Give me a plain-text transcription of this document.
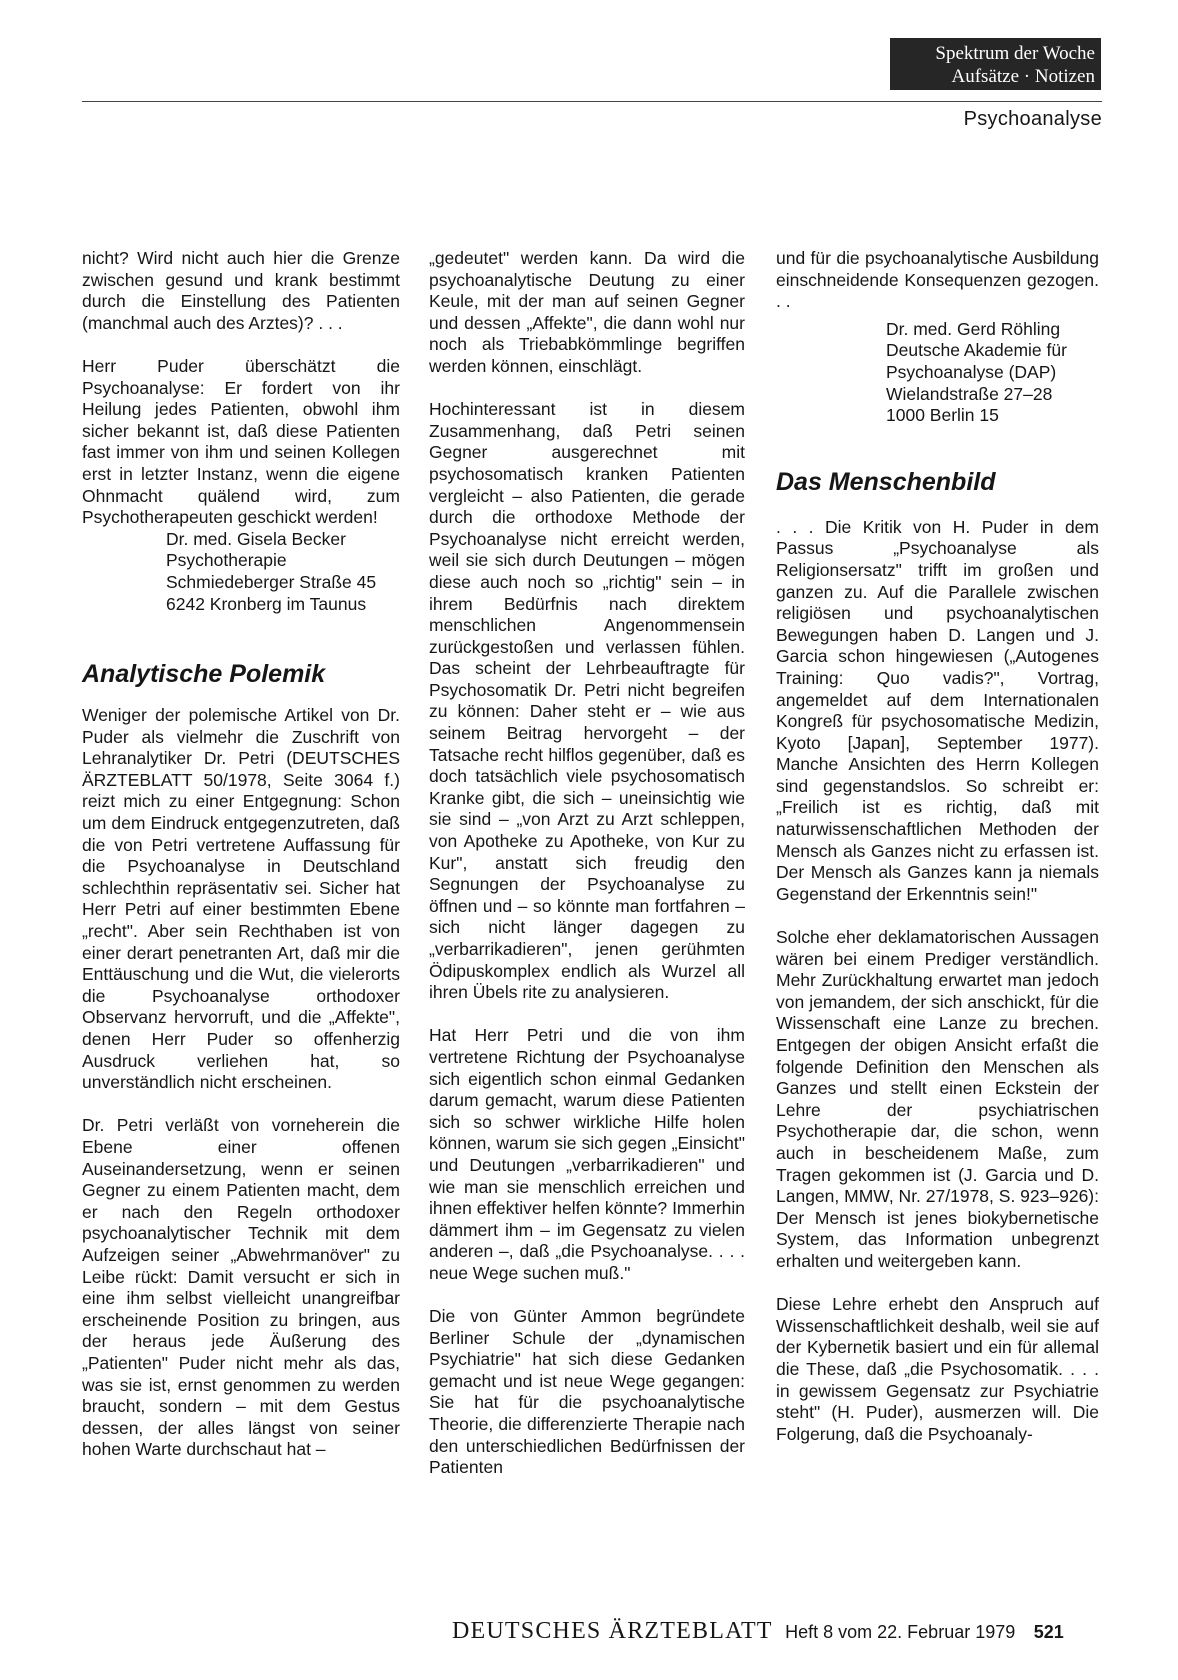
Spektrum der Woche
Aufsätze · Notizen
Psychoanalyse

nicht? Wird nicht auch hier die Grenze zwischen gesund und krank bestimmt durch die Einstellung des Patienten (manchmal auch des Arztes)? . . .

Herr Puder überschätzt die Psychoanalyse: Er fordert von ihr Heilung jedes Patienten, obwohl ihm sicher bekannt ist, daß diese Patienten fast immer von ihm und seinen Kollegen erst in letzter Instanz, wenn die eigene Ohnmacht quälend wird, zum Psychotherapeuten geschickt werden!

Dr. med. Gisela Becker
Psychotherapie
Schmiedeberger Straße 45
6242 Kronberg im Taunus
Analytische Polemik

Weniger der polemische Artikel von Dr. Puder als vielmehr die Zuschrift von Lehranalytiker Dr. Petri (DEUTSCHES ÄRZTEBLATT 50/1978, Seite 3064 f.) reizt mich zu einer Entgegnung: Schon um dem Eindruck entgegenzutreten, daß die von Petri vertretene Auffassung für die Psychoanalyse in Deutschland schlechthin repräsentativ sei. Sicher hat Herr Petri auf einer bestimmten Ebene „recht". Aber sein Rechthaben ist von einer derart penetranten Art, daß mir die Enttäuschung und die Wut, die vielerorts die Psychoanalyse orthodoxer Observanz hervorruft, und die „Affekte", denen Herr Puder so offenherzig Ausdruck verliehen hat, so unverständlich nicht erscheinen.

Dr. Petri verläßt von vorneherein die Ebene einer offenen Auseinandersetzung, wenn er seinen Gegner zu einem Patienten macht, dem er nach den Regeln orthodoxer psychoanalytischer Technik mit dem Aufzeigen seiner „Abwehrmanöver" zu Leibe rückt: Damit versucht er sich in eine ihm selbst vielleicht unangreifbar erscheinende Position zu bringen, aus der heraus jede Äußerung des „Patienten" Puder nicht mehr als das, was sie ist, ernst genommen zu werden braucht, sondern – mit dem Gestus dessen, der alles längst von seiner hohen Warte durchschaut hat –

„gedeutet" werden kann. Da wird die psychoanalytische Deutung zu einer Keule, mit der man auf seinen Gegner und dessen „Affekte", die dann wohl nur noch als Triebabkömmlinge begriffen werden können, einschlägt.

Hochinteressant ist in diesem Zusammenhang, daß Petri seinen Gegner ausgerechnet mit psychosomatisch kranken Patienten vergleicht – also Patienten, die gerade durch die orthodoxe Methode der Psychoanalyse nicht erreicht werden, weil sie sich durch Deutungen – mögen diese auch noch so „richtig" sein – in ihrem Bedürfnis nach direktem menschlichen Angenommensein zurückgestoßen und verlassen fühlen. Das scheint der Lehrbeauftragte für Psychosomatik Dr. Petri nicht begreifen zu können: Daher steht er – wie aus seinem Beitrag hervorgeht – der Tatsache recht hilflos gegenüber, daß es doch tatsächlich viele psychosomatisch Kranke gibt, die sich – uneinsichtig wie sie sind – „von Arzt zu Arzt schleppen, von Apotheke zu Apotheke, von Kur zu Kur", anstatt sich freudig den Segnungen der Psychoanalyse zu öffnen und – so könnte man fortfahren – sich nicht länger dagegen zu „verbarrikadieren", jenen gerühmten Ödipuskomplex endlich als Wurzel all ihren Übels rite zu analysieren.

Hat Herr Petri und die von ihm vertretene Richtung der Psychoanalyse sich eigentlich schon einmal Gedanken darum gemacht, warum diese Patienten sich so schwer wirkliche Hilfe holen können, warum sie sich gegen „Einsicht" und Deutungen „verbarrikadieren" und wie man sie menschlich erreichen und ihnen effektiver helfen könnte? Immerhin dämmert ihm – im Gegensatz zu vielen anderen –, daß „die Psychoanalyse. . . . neue Wege suchen muß."

Die von Günter Ammon begründete Berliner Schule der „dynamischen Psychiatrie" hat sich diese Gedanken gemacht und ist neue Wege gegangen: Sie hat für die psychoanalytische Theorie, die differenzierte Therapie nach den unterschiedlichen Bedürfnissen der Patienten

und für die psychoanalytische Ausbildung einschneidende Konsequenzen gezogen. . .

Dr. med. Gerd Röhling
Deutsche Akademie für
Psychoanalyse (DAP)
Wielandstraße 27–28
1000 Berlin 15
Das Menschenbild

. . . Die Kritik von H. Puder in dem Passus „Psychoanalyse als Religionsersatz" trifft im großen und ganzen zu. Auf die Parallele zwischen religiösen und psychoanalytischen Bewegungen haben D. Langen und J. Garcia schon hingewiesen („Autogenes Training: Quo vadis?", Vortrag, angemeldet auf dem Internationalen Kongreß für psychosomatische Medizin, Kyoto [Japan], September 1977). Manche Ansichten des Herrn Kollegen sind gegenstandslos. So schreibt er: „Freilich ist es richtig, daß mit naturwissenschaftlichen Methoden der Mensch als Ganzes nicht zu erfassen ist. Der Mensch als Ganzes kann ja niemals Gegenstand der Erkenntnis sein!"

Solche eher deklamatorischen Aussagen wären bei einem Prediger verständlich. Mehr Zurückhaltung erwartet man jedoch von jemandem, der sich anschickt, für die Wissenschaft eine Lanze zu brechen. Entgegen der obigen Ansicht erfaßt die folgende Definition den Menschen als Ganzes und stellt einen Eckstein der Lehre der psychiatrischen Psychotherapie dar, die schon, wenn auch in bescheidenem Maße, zum Tragen gekommen ist (J. Garcia und D. Langen, MMW, Nr. 27/1978, S. 923–926): Der Mensch ist jenes biokybernetische System, das Information unbegrenzt erhalten und weitergeben kann.

Diese Lehre erhebt den Anspruch auf Wissenschaftlichkeit deshalb, weil sie auf der Kybernetik basiert und ein für allemal die These, daß „die Psychosomatik. . . . in gewissem Gegensatz zur Psychiatrie steht" (H. Puder), ausmerzen will. Die Folgerung, daß die Psychoanaly-

DEUTSCHES ÄRZTEBLATT Heft 8 vom 22. Februar 1979 521
